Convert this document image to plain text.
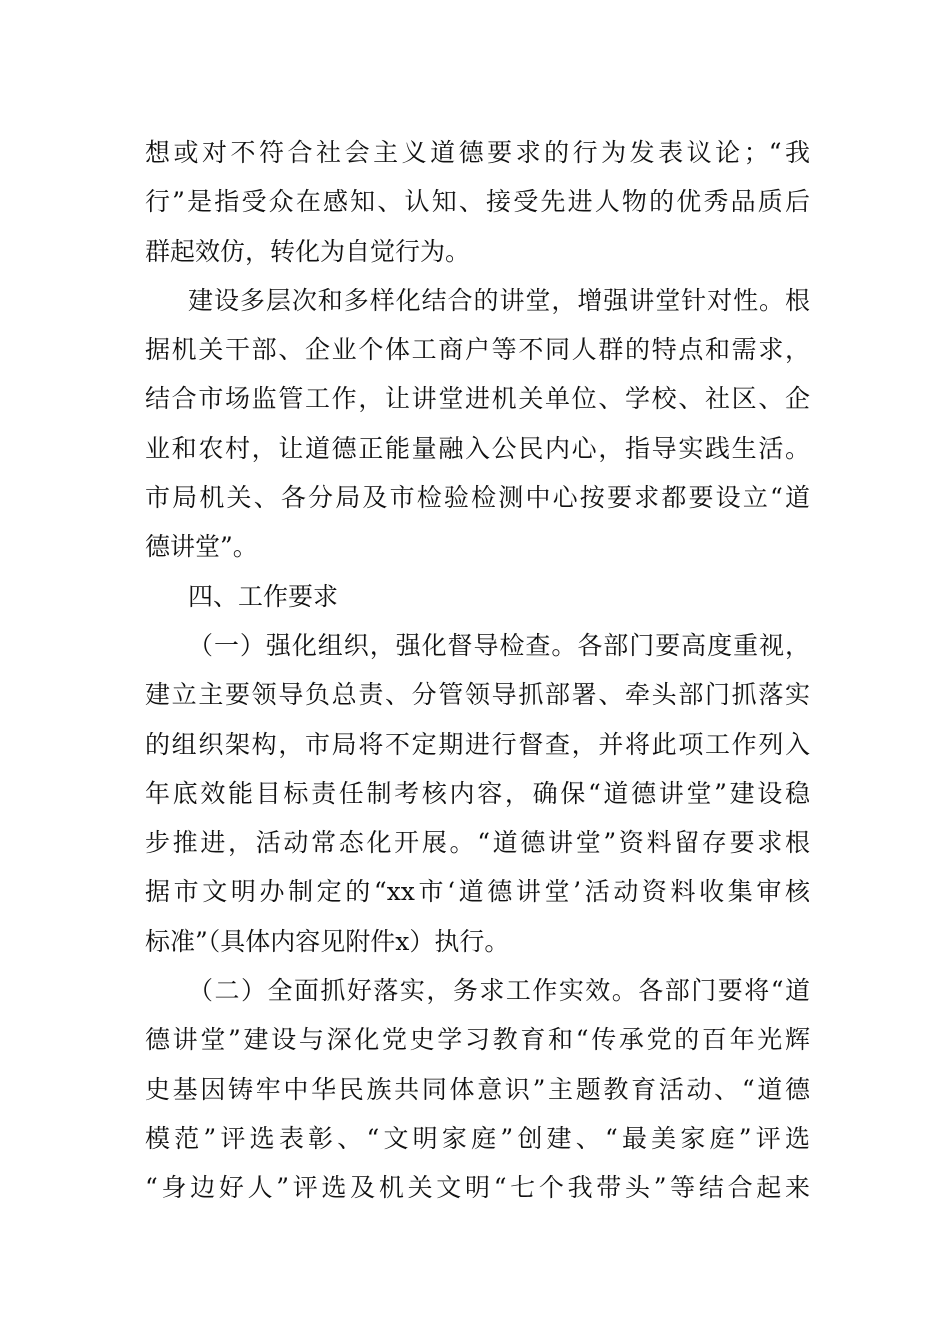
想或对不符合社会主义道德要求的行为发表议论；“我
行”是指受众在感知、认知、接受先进人物的优秀品质后
群起效仿，转化为自觉行为。
建设多层次和多样化结合的讲堂，增强讲堂针对性。根
据机关干部、企业个体工商户等不同人群的特点和需求，
结合市场监管工作，让讲堂进机关单位、学校、社区、企
业和农村，让道德正能量融入公民内心，指导实践生活。
市局机关、各分局及市检验检测中心按要求都要设立“道
德讲堂”。
四、工作要求
（一）强化组织，强化督导检查。各部门要高度重视，
建立主要领导负总责、分管领导抓部署、牵头部门抓落实
的组织架构，市局将不定期进行督查，并将此项工作列入
年底效能目标责任制考核内容，确保“道德讲堂”建设稳
步推进，活动常态化开展。“道德讲堂”资料留存要求根
据市文明办制定的“xx市‘道德讲堂’活动资料收集审核
标准”（具体内容见附件x）执行。
（二）全面抓好落实，务求工作实效。各部门要将“道
德讲堂”建设与深化党史学习教育和“传承党的百年光辉
史基因铸牢中华民族共同体意识”主题教育活动、“道德
模范”评选表彰、“文明家庭”创建、“最美家庭”评选
“身边好人”评选及机关文明“七个我带头”等结合起来
